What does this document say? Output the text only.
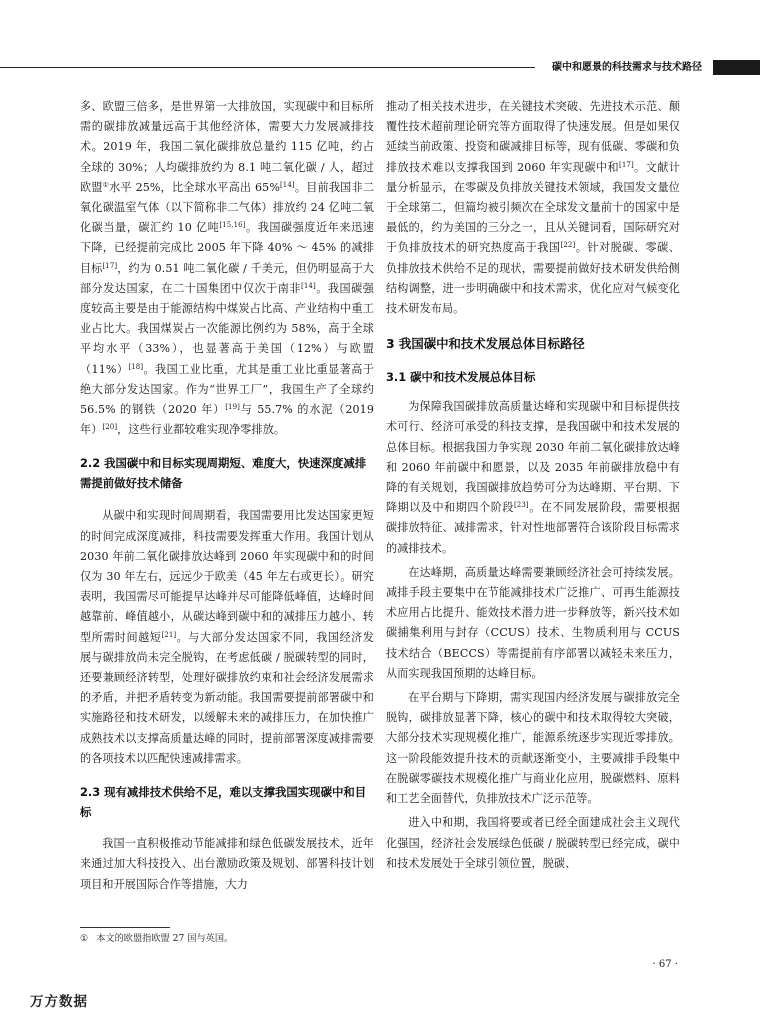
碳中和愿景的科技需求与技术路径

多、欧盟三倍多，是世界第一大排放国，实现碳中和目标所需的碳排放减量远高于其他经济体，需要大力发展减排技术。2019 年，我国二氧化碳排放总量约 115 亿吨，约占全球的 30%；人均碳排放约为 8.1 吨二氧化碳 / 人，超过欧盟①水平 25%，比全球水平高出 65%[14]。目前我国非二氧化碳温室气体（以下简称非二气体）排放约 24 亿吨二氧化碳当量，碳汇约 10 亿吨[15,16]。我国碳强度近年来迅速下降，已经提前完成比 2005 年下降 40% ～ 45% 的减排目标[17]，约为 0.51 吨二氧化碳 / 千美元，但仍明显高于大部分发达国家，在二十国集团中仅次于南非[14]。我国碳强度较高主要是由于能源结构中煤炭占比高、产业结构中重工业占比大。我国煤炭占一次能源比例约为 58%，高于全球平均水平（33%），也显著高于美国（12%）与欧盟（11%）[18]。我国工业比重，尤其是重工业比重显著高于绝大部分发达国家。作为“世界工厂”，我国生产了全球约 56.5% 的钢铁（2020 年）[19]与 55.7% 的水泥（2019 年）[20]，这些行业都较难实现净零排放。

2.2 我国碳中和目标实现周期短、难度大，快速深度减排需提前做好技术储备

从碳中和实现时间周期看，我国需要用比发达国家更短的时间完成深度减排，科技需要发挥重大作用。我国计划从 2030 年前二氧化碳排放达峰到 2060 年实现碳中和的时间仅为 30 年左右，远远少于欧美（45 年左右或更长）。研究表明，我国需尽可能提早达峰并尽可能降低峰值，达峰时间越靠前、峰值越小，从碳达峰到碳中和的减排压力越小、转型所需时间越短[21]。与大部分发达国家不同，我国经济发展与碳排放尚未完全脱钩，在考虑低碳 / 脱碳转型的同时，还要兼顾经济转型，处理好碳排放约束和社会经济发展需求的矛盾，并把矛盾转变为新动能。我国需要提前部署碳中和实施路径和技术研发，以缓解未来的减排压力，在加快推广成熟技术以支撑高质量达峰的同时，提前部署深度减排需要的各项技术以匹配快速减排需求。

2.3 现有减排技术供给不足，难以支撑我国实现碳中和目标

我国一直积极推动节能减排和绿色低碳发展技术，近年来通过加大科技投入、出台激励政策及规划、部署科技计划项目和开展国际合作等措施，大力

推动了相关技术进步，在关键技术突破、先进技术示范、颠覆性技术超前理论研究等方面取得了快速发展。但是如果仅延续当前政策、投资和碳减排目标等，现有低碳、零碳和负排放技术难以支撑我国到 2060 年实现碳中和[17]。文献计量分析显示，在零碳及负排放关键技术领域，我国发文量位于全球第二，但篇均被引频次在全球发文量前十的国家中是最低的，约为美国的三分之一，且从关键词看，国际研究对于负排放技术的研究热度高于我国[22]。针对脱碳、零碳、负排放技术供给不足的现状，需要提前做好技术研发供给侧结构调整，进一步明确碳中和技术需求，优化应对气候变化技术研发布局。

3 我国碳中和技术发展总体目标路径
3.1 碳中和技术发展总体目标

为保障我国碳排放高质量达峰和实现碳中和目标提供技术可行、经济可承受的科技支撑，是我国碳中和技术发展的总体目标。根据我国力争实现 2030 年前二氧化碳排放达峰和 2060 年前碳中和愿景，以及 2035 年前碳排放稳中有降的有关规划，我国碳排放趋势可分为达峰期、平台期、下降期以及中和期四个阶段[23]。在不同发展阶段，需要根据碳排放特征、减排需求，针对性地部署符合该阶段目标需求的减排技术。

在达峰期，高质量达峰需要兼顾经济社会可持续发展。减排手段主要集中在节能减排技术广泛推广、可再生能源技术应用占比提升、能效技术潜力进一步释放等，新兴技术如碳捕集利用与封存（CCUS）技术、生物质利用与 CCUS 技术结合（BECCS）等需提前有序部署以减轻未来压力，从而实现我国预期的达峰目标。

在平台期与下降期，需实现国内经济发展与碳排放完全脱钩，碳排放显著下降，核心的碳中和技术取得较大突破，大部分技术实现规模化推广，能源系统逐步实现近零排放。这一阶段能效提升技术的贡献逐渐变小，主要减排手段集中在脱碳零碳技术规模化推广与商业化应用，脱碳燃料、原料和工艺全面替代，负排放技术广泛示范等。

进入中和期，我国将要或者已经全面建成社会主义现代化强国，经济社会发展绿色低碳 / 脱碳转型已经完成，碳中和技术发展处于全球引领位置，脱碳、

① 本文的欧盟指欧盟 27 国与英国。
· 67 ·
万方数据
